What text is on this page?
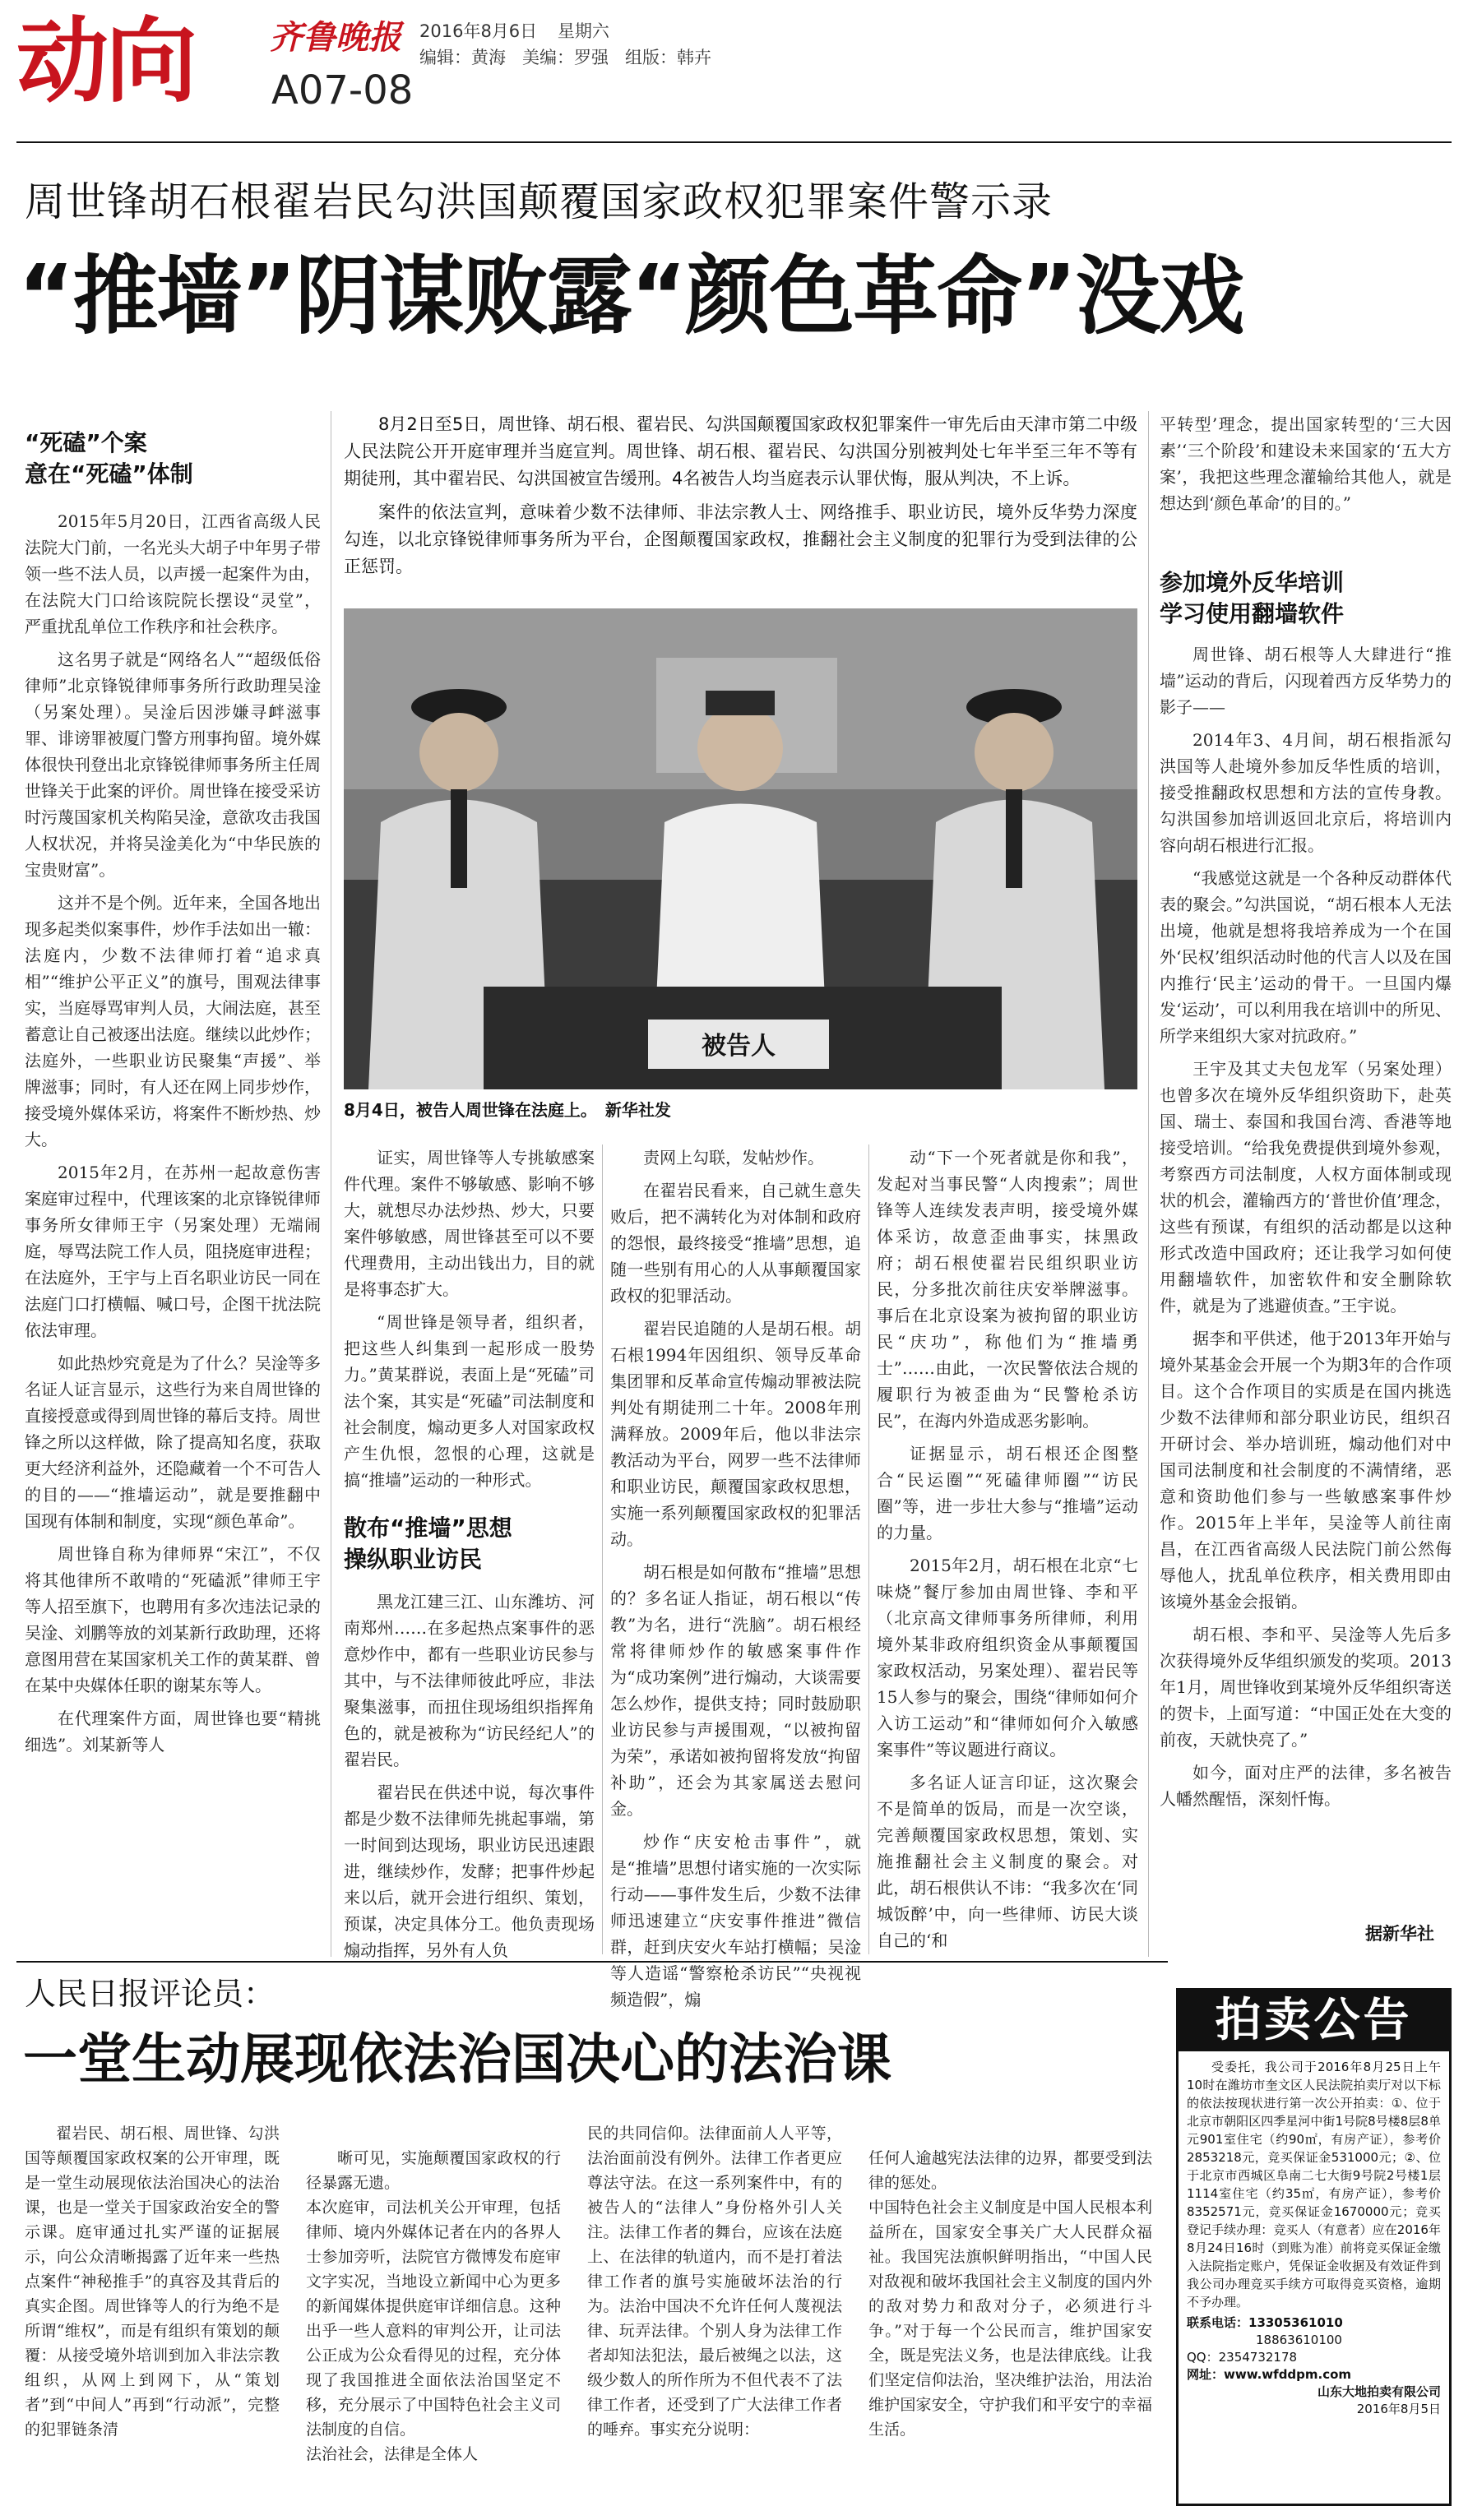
动向 齐鲁晚报
A07-08
2016年8月6日 星期六
编辑：黄海   美编：罗强   组版：韩卉
周世锋胡石根翟岩民勾洪国颠覆国家政权犯罪案件警示录
“推墙”阴谋败露“颜色革命”没戏

8月2日至5日，周世锋、胡石根、翟岩民、勾洪国颠覆国家政权犯罪案件一审先后由天津市第二中级人民法院公开开庭审理并当庭宣判。周世锋、胡石根、翟岩民、勾洪国分别被判处七年半至三年不等有期徒刑，其中翟岩民、勾洪国被宣告缓刑。4名被告人均当庭表示认罪伏悔，服从判决，不上诉。

案件的依法宣判，意味着少数不法律师、非法宗教人士、网络推手、职业访民，境外反华势力深度勾连，以北京锋锐律师事务所为平台，企图颠覆国家政权，推翻社会主义制度的犯罪行为受到法律的公正惩罚。

被告人
8月4日，被告人周世锋在法庭上。　新华社发
“死磕”个案
意在“死磕”体制

2015年5月20日，江西省高级人民法院大门前，一名光头大胡子中年男子带领一些不法人员，以声援一起案件为由，在法院大门口给该院院长摆设“灵堂”，严重扰乱单位工作秩序和社会秩序。

这名男子就是“网络名人”“超级低俗律师”北京锋锐律师事务所行政助理吴淦（另案处理）。吴淦后因涉嫌寻衅滋事罪、诽谤罪被厦门警方刑事拘留。境外媒体很快刊登出北京锋锐律师事务所主任周世锋关于此案的评价。周世锋在接受采访时污蔑国家机关构陷吴淦，意欲攻击我国人权状况，并将吴淦美化为“中华民族的宝贵财富”。

这并不是个例。近年来，全国各地出现多起类似案事件，炒作手法如出一辙：法庭内，少数不法律师打着“追求真相”“维护公平正义”的旗号，围观法律事实，当庭辱骂审判人员，大闹法庭，甚至蓄意让自己被逐出法庭。继续以此炒作；法庭外，一些职业访民聚集“声援”、举牌滋事；同时，有人还在网上同步炒作，接受境外媒体采访，将案件不断炒热、炒大。

2015年2月，在苏州一起故意伤害案庭审过程中，代理该案的北京锋锐律师事务所女律师王宇（另案处理）无端闹庭，辱骂法院工作人员，阻挠庭审进程；在法庭外，王宇与上百名职业访民一同在法庭门口打横幅、喊口号，企图干扰法院依法审理。

如此热炒究竟是为了什么？吴淦等多名证人证言显示，这些行为来自周世锋的直接授意或得到周世锋的幕后支持。周世锋之所以这样做，除了提高知名度，获取更大经济利益外，还隐藏着一个不可告人的目的——“推墙运动”，就是要推翻中国现有体制和制度，实现“颜色革命”。

周世锋自称为律师界“宋江”，不仅将其他律所不敢啃的“死磕派”律师王宇等人招至旗下，也聘用有多次违法记录的吴淦、刘鹏等放的刘某新行政助理，还将意图用营在某国家机关工作的黄某群、曾在某中央媒体任职的谢某东等人。

在代理案件方面，周世锋也要“精挑细选”。刘某新等人

证实，周世锋等人专挑敏感案件代理。案件不够敏感、影响不够大，就想尽办法炒热、炒大，只要案件够敏感，周世锋甚至可以不要代理费用，主动出钱出力，目的就是将事态扩大。

“周世锋是领导者，组织者，把这些人纠集到一起形成一股势力。”黄某群说，表面上是“死磕”司法个案，其实是“死磕”司法制度和社会制度，煽动更多人对国家政权产生仇恨，忽恨的心理，这就是搞“推墙”运动的一种形式。

散布“推墙”思想
操纵职业访民

黑龙江建三江、山东潍坊、河南郑州……在多起热点案事件的恶意炒作中，都有一些职业访民参与其中，与不法律师彼此呼应，非法聚集滋事，而扭住现场组织指挥角色的，就是被称为“访民经纪人”的翟岩民。

翟岩民在供述中说，每次事件都是少数不法律师先挑起事端，第一时间到达现场，职业访民迅速跟进，继续炒作，发酵；把事件炒起来以后，就开会进行组织、策划，预谋，决定具体分工。他负责现场煽动指挥，另外有人负

责网上勾联，发帖炒作。

在翟岩民看来，自己就生意失败后，把不满转化为对体制和政府的怨恨，最终接受“推墙”思想，追随一些别有用心的人从事颠覆国家政权的犯罪活动。

翟岩民追随的人是胡石根。胡石根1994年因组织、领导反革命集团罪和反革命宣传煽动罪被法院判处有期徒刑二十年。2008年刑满释放。2009年后，他以非法宗教活动为平台，网罗一些不法律师和职业访民，颠覆国家政权思想，实施一系列颠覆国家政权的犯罪活动。

胡石根是如何散布“推墙”思想的？多名证人指证，胡石根以“传教”为名，进行“洗脑”。胡石根经常将律师炒作的敏感案事件作为“成功案例”进行煽动，大谈需要怎么炒作，提供支持；同时鼓励职业访民参与声援围观，“以被拘留为荣”，承诺如被拘留将发放“拘留补助”，还会为其家属送去慰问金。

炒作“庆安枪击事件”，就是“推墙”思想付诸实施的一次实际行动——事件发生后，少数不法律师迅速建立“庆安事件推进”微信群，赶到庆安火车站打横幅；吴淦等人造谣“警察枪杀访民”“央视视频造假”，煽

动“下一个死者就是你和我”，发起对当事民警“人肉搜索”；周世锋等人连续发表声明，接受境外媒体采访，故意歪曲事实，抹黑政府；胡石根使翟岩民组织职业访民，分多批次前往庆安举牌滋事。事后在北京设案为被拘留的职业访民“庆功”，称他们为“推墙勇士”……由此，一次民警依法合规的履职行为被歪曲为“民警枪杀访民”，在海内外造成恶劣影响。

证据显示，胡石根还企图整合“民运圈”“死磕律师圈”“访民圈”等，进一步壮大参与“推墙”运动的力量。

2015年2月，胡石根在北京“七味烧”餐厅参加由周世锋、李和平（北京高文律师事务所律师，利用境外某非政府组织资金从事颠覆国家政权活动，另案处理）、翟岩民等15人参与的聚会，围绕“律师如何介入访工运动”和“律师如何介入敏感案事件”等议题进行商议。

多名证人证言印证，这次聚会不是简单的饭局，而是一次空谈，完善颠覆国家政权思想，策划、实施推翻社会主义制度的聚会。对此，胡石根供认不讳：“我多次在‘同城饭醉’中，向一些律师、访民大谈自己的‘和

平转型’理念，提出国家转型的‘三大因素’‘三个阶段’和建设未来国家的‘五大方案’，我把这些理念灌输给其他人，就是想达到‘颜色革命’的目的。”

参加境外反华培训
学习使用翻墙软件

周世锋、胡石根等人大肆进行“推墙”运动的背后，闪现着西方反华势力的影子——

2014年3、4月间，胡石根指派勾洪国等人赴境外参加反华性质的培训，接受推翻政权思想和方法的宣传身教。勾洪国参加培训返回北京后，将培训内容向胡石根进行汇报。

“我感觉这就是一个各种反动群体代表的聚会。”勾洪国说，“胡石根本人无法出境，他就是想将我培养成为一个在国外‘民权’组织活动时他的代言人以及在国内推行‘民主’运动的骨干。一旦国内爆发‘运动’，可以利用我在培训中的所见、所学来组织大家对抗政府。”

王宇及其丈夫包龙军（另案处理）也曾多次在境外反华组织资助下，赴英国、瑞士、泰国和我国台湾、香港等地接受培训。“给我免费提供到境外参观，考察西方司法制度，人权方面体制或现状的机会，灌输西方的‘普世价值’理念，这些有预谋，有组织的活动都是以这种形式改造中国政府；还让我学习如何使用翻墙软件，加密软件和安全删除软件，就是为了逃避侦查。”王宇说。

据李和平供述，他于2013年开始与境外某基金会开展一个为期3年的合作项目。这个合作项目的实质是在国内挑选少数不法律师和部分职业访民，组织召开研讨会、举办培训班，煽动他们对中国司法制度和社会制度的不满情绪，恶意和资助他们参与一些敏感案事件炒作。2015年上半年，吴淦等人前往南昌，在江西省高级人民法院门前公然侮辱他人，扰乱单位秩序，相关费用即由该境外基金会报销。

胡石根、李和平、吴淦等人先后多次获得境外反华组织颁发的奖项。2013年1月，周世锋收到某境外反华组织寄送的贺卡，上面写道：“中国正处在大变的前夜，天就快亮了。”

如今，面对庄严的法律，多名被告人幡然醒悟，深刻忏悔。

据新华社
人民日报评论员：
一堂生动展现依法治国决心的法治课

翟岩民、胡石根、周世锋、勾洪国等颠覆国家政权案的公开审理，既是一堂生动展现依法治国决心的法治课，也是一堂关于国家政治安全的警示课。庭审通过扎实严谨的证据展示，向公众清晰揭露了近年来一些热点案件“神秘推手”的真容及其背后的真实企图。周世锋等人的行为绝不是所谓“维权”，而是有组织有策划的颠覆：从接受境外培训到加入非法宗教组织，从网上到网下，从“策划者”到“中间人”再到“行动派”，完整的犯罪链条清

晰可见，实施颠覆国家政权的行径暴露无遗。
本次庭审，司法机关公开审理，包括律师、境内外媒体记者在内的各界人士参加旁听，法院官方微博发布庭审文字实况，当地设立新闻中心为更多的新闻媒体提供庭审详细信息。这种出乎一些人意料的审判公开，让司法公正成为公众看得见的过程，充分体现了我国推进全面依法治国坚定不移，充分展示了中国特色社会主义司法制度的自信。
法治社会，法律是全体人

民的共同信仰。法律面前人人平等，法治面前没有例外。法律工作者更应尊法守法。在这一系列案件中，有的被告人的“法律人”身份格外引人关注。法律工作者的舞台，应该在法庭上、在法律的轨道内，而不是打着法律工作者的旗号实施破坏法治的行为。法治中国决不允许任何人蔑视法律、玩弄法律。个别人身为法律工作者却知法犯法，最后被绳之以法，这级少数人的所作所为不但代表不了法律工作者，还受到了广大法律工作者的唾弃。事实充分说明：

任何人逾越宪法法律的边界，都要受到法律的惩处。
中国特色社会主义制度是中国人民根本利益所在，国家安全事关广大人民群众福祉。我国宪法旗帜鲜明指出，“中国人民对敌视和破坏我国社会主义制度的国内外的敌对势力和敌对分子，必须进行斗争。”对于每一个公民而言，维护国家安全，既是宪法义务，也是法律底线。让我们坚定信仰法治，坚决维护法治，用法治维护国家安全，守护我们和平安宁的幸福生活。

拍卖公告
受委托，我公司于2016年8月25日上午10时在潍坊市奎文区人民法院拍卖厅对以下标的依法按现状进行第一次公开拍卖：①、位于北京市朝阳区四季星河中街1号院8号楼8层8单元901室住宅（约90㎡，有房产证），参考价2853218元，竞买保证金531000元；②、位于北京市西城区阜南二七大街9号院2号楼1层1114室住宅（约35㎡，有房产证），参考价8352571元，竞买保证金1670000元；竞买登记手续办理：竞买人（有意者）应在2016年8月24日16时（到账为准）前将竞买保证金缴入法院指定账户，凭保证金收据及有效证件到我公司办理竞买手续方可取得竞买资格，逾期不予办理。
联系电话：13305361010
18863610100
QQ：2354732178
网址：www.wfddpm.com
山东大地拍卖有限公司
2016年8月5日
